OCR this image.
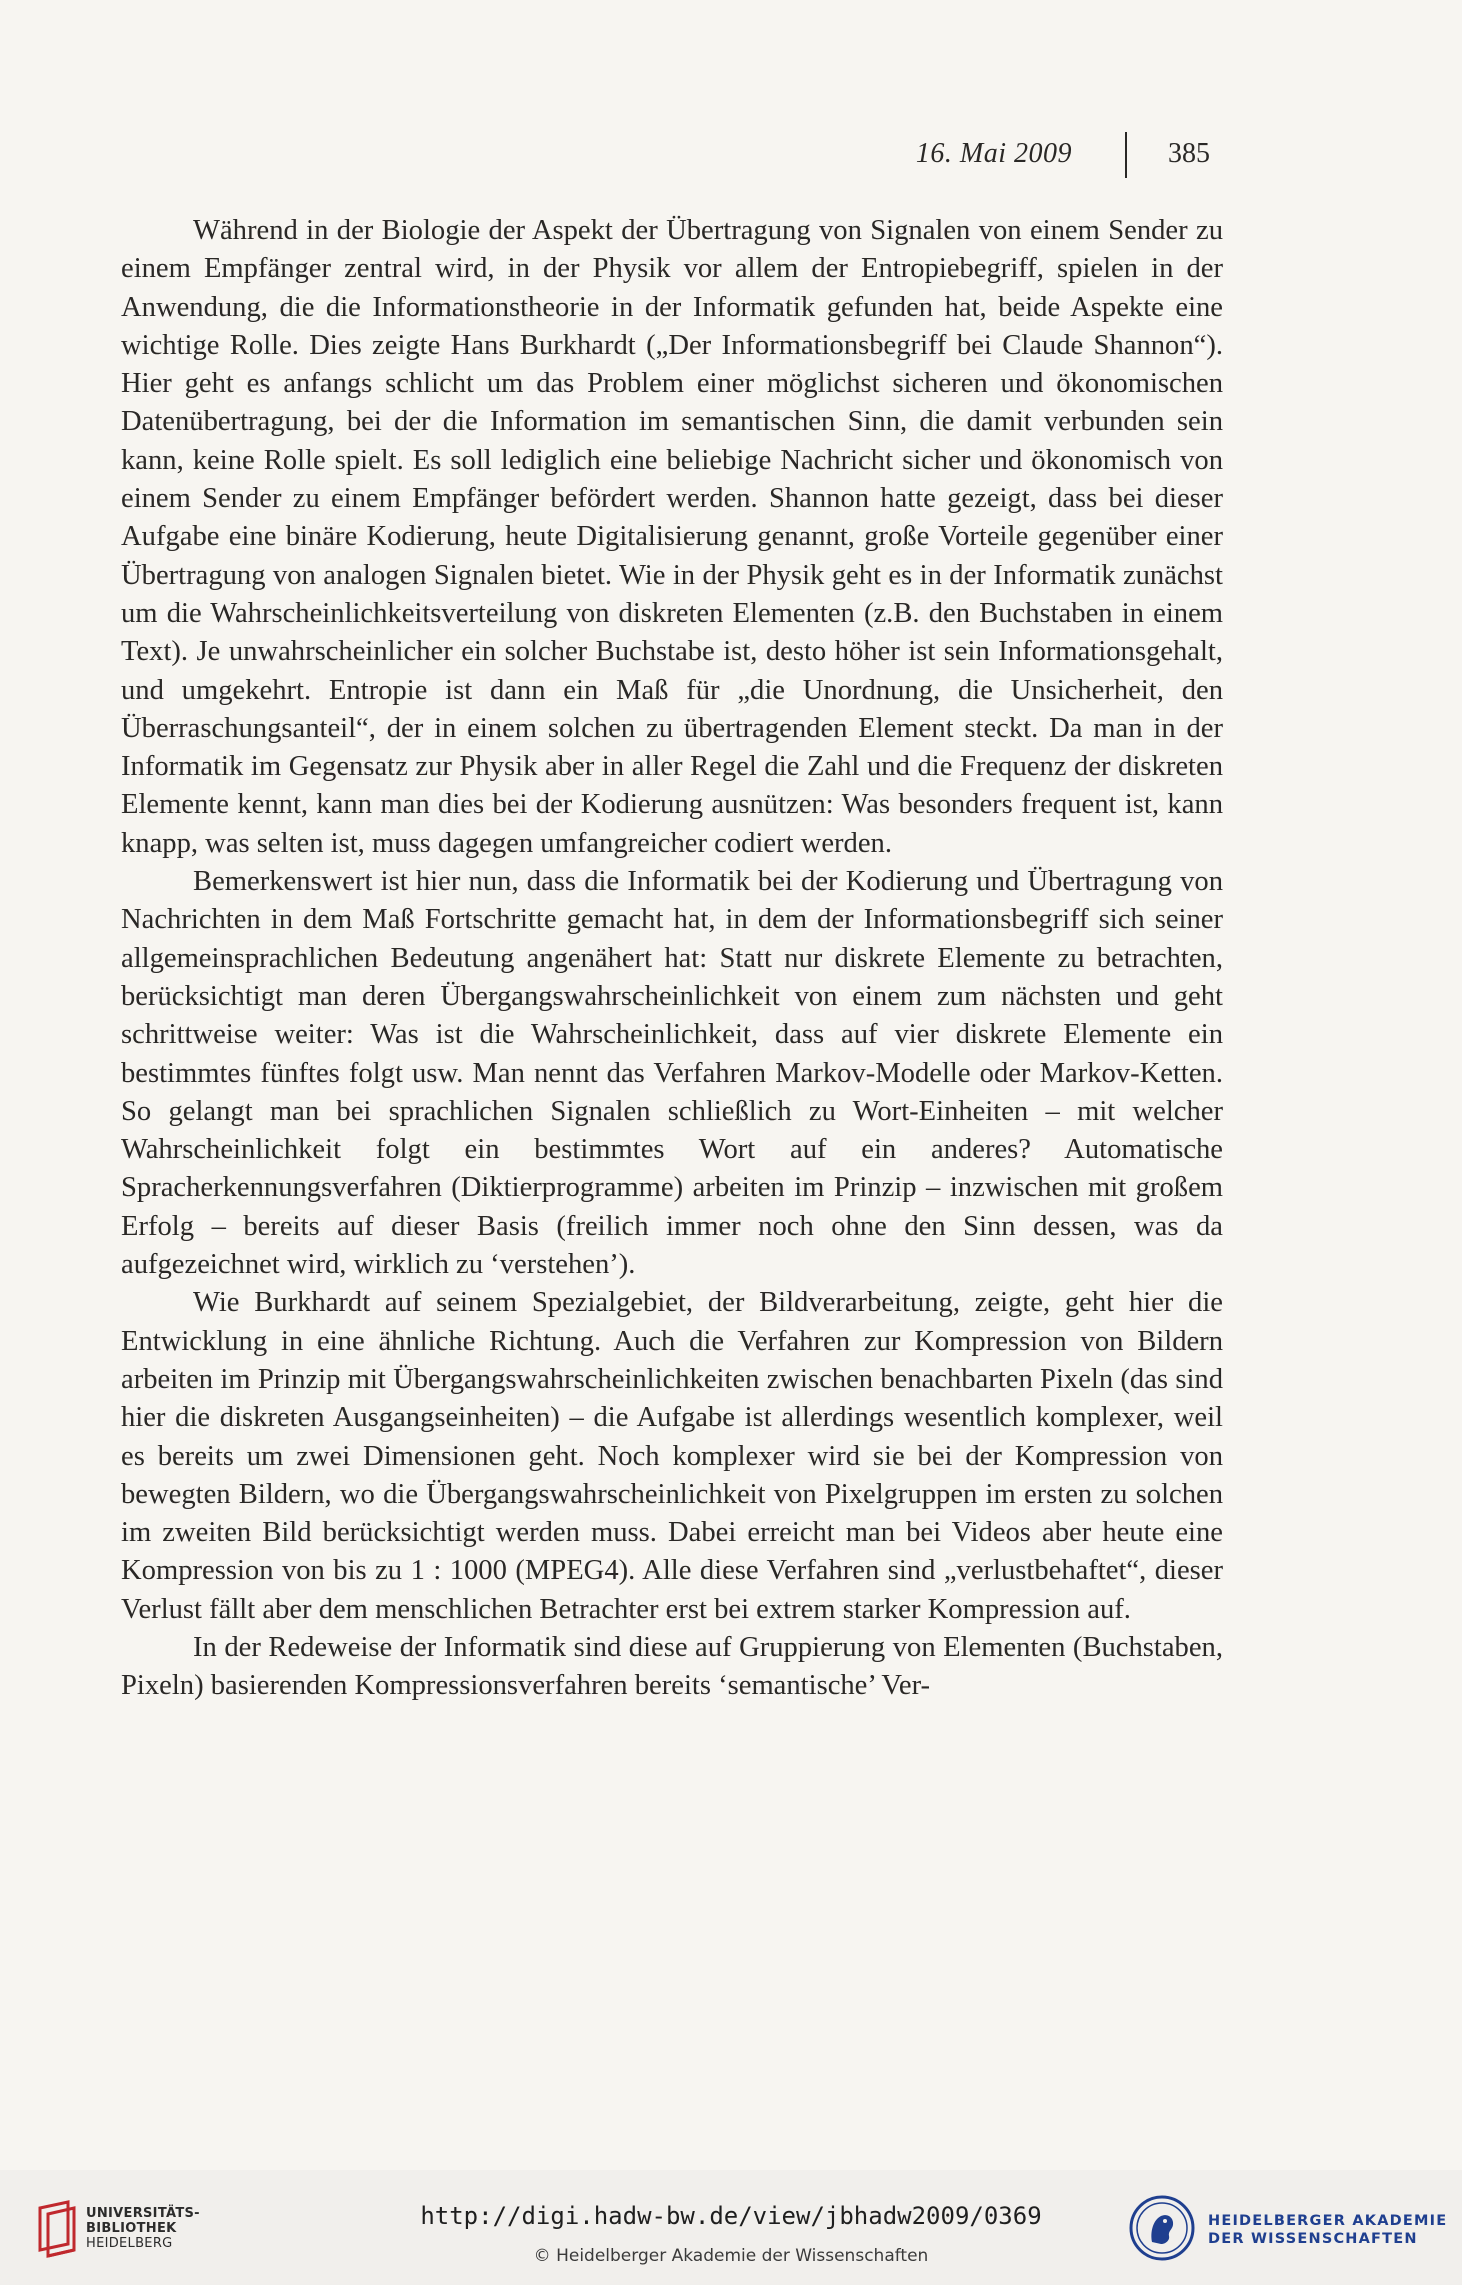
16. Mai 2009	385

Während in der Biologie der Aspekt der Übertragung von Signalen von einem Sender zu einem Empfänger zentral wird, in der Physik vor allem der Entropiebegriff, spielen in der Anwendung, die die Informationstheorie in der Informatik gefunden hat, beide Aspekte eine wichtige Rolle. Dies zeigte Hans Burkhardt („Der Informationsbegriff bei Claude Shannon“). Hier geht es anfangs schlicht um das Problem einer möglichst sicheren und ökonomischen Datenübertragung, bei der die Information im semantischen Sinn, die damit verbunden sein kann, keine Rolle spielt. Es soll lediglich eine beliebige Nachricht sicher und ökonomisch von einem Sender zu einem Empfänger befördert werden. Shannon hatte gezeigt, dass bei dieser Aufgabe eine binäre Kodierung, heute Digitalisierung genannt, große Vorteile gegenüber einer Übertragung von analogen Signalen bietet. Wie in der Physik geht es in der Informatik zunächst um die Wahrscheinlichkeitsverteilung von diskreten Elementen (z.B. den Buchstaben in einem Text). Je unwahrscheinlicher ein solcher Buchstabe ist, desto höher ist sein Informationsgehalt, und umgekehrt. Entropie ist dann ein Maß für „die Unordnung, die Unsicherheit, den Überraschungsanteil“, der in einem solchen zu übertragenden Element steckt. Da man in der Informatik im Gegensatz zur Physik aber in aller Regel die Zahl und die Frequenz der diskreten Elemente kennt, kann man dies bei der Kodierung ausnützen: Was besonders frequent ist, kann knapp, was selten ist, muss dagegen umfangreicher codiert werden.

Bemerkenswert ist hier nun, dass die Informatik bei der Kodierung und Übertragung von Nachrichten in dem Maß Fortschritte gemacht hat, in dem der Informationsbegriff sich seiner allgemeinsprachlichen Bedeutung angenähert hat: Statt nur diskrete Elemente zu betrachten, berücksichtigt man deren Übergangswahrscheinlichkeit von einem zum nächsten und geht schrittweise weiter: Was ist die Wahrscheinlichkeit, dass auf vier diskrete Elemente ein bestimmtes fünftes folgt usw. Man nennt das Verfahren Markov-Modelle oder Markov-Ketten. So gelangt man bei sprachlichen Signalen schließlich zu Wort-Einheiten – mit welcher Wahrscheinlichkeit folgt ein bestimmtes Wort auf ein anderes? Automatische Spracherkennungsverfahren (Diktierprogramme) arbeiten im Prinzip – inzwischen mit großem Erfolg – bereits auf dieser Basis (freilich immer noch ohne den Sinn dessen, was da aufgezeichnet wird, wirklich zu ‘verstehen’).

Wie Burkhardt auf seinem Spezialgebiet, der Bildverarbeitung, zeigte, geht hier die Entwicklung in eine ähnliche Richtung. Auch die Verfahren zur Kompression von Bildern arbeiten im Prinzip mit Übergangswahrscheinlichkeiten zwischen benachbarten Pixeln (das sind hier die diskreten Ausgangseinheiten) – die Aufgabe ist allerdings wesentlich komplexer, weil es bereits um zwei Dimensionen geht. Noch komplexer wird sie bei der Kompression von bewegten Bildern, wo die Übergangswahrscheinlichkeit von Pixelgruppen im ersten zu solchen im zweiten Bild berücksichtigt werden muss. Dabei erreicht man bei Videos aber heute eine Kompression von bis zu 1 : 1000 (MPEG4). Alle diese Verfahren sind „verlustbehaftet“, dieser Verlust fällt aber dem menschlichen Betrachter erst bei extrem starker Kompression auf.

In der Redeweise der Informatik sind diese auf Gruppierung von Elementen (Buchstaben, Pixeln) basierenden Kompressionsverfahren bereits ‘semantische’ Ver-

UNIVERSITÄTS-
BIBLIOTHEK
HEIDELBERG
http://digi.hadw-bw.de/view/jbhadw2009/0369
© Heidelberger Akademie der Wissenschaften
HEIDELBERGER AKADEMIE
DER WISSENSCHAFTEN
